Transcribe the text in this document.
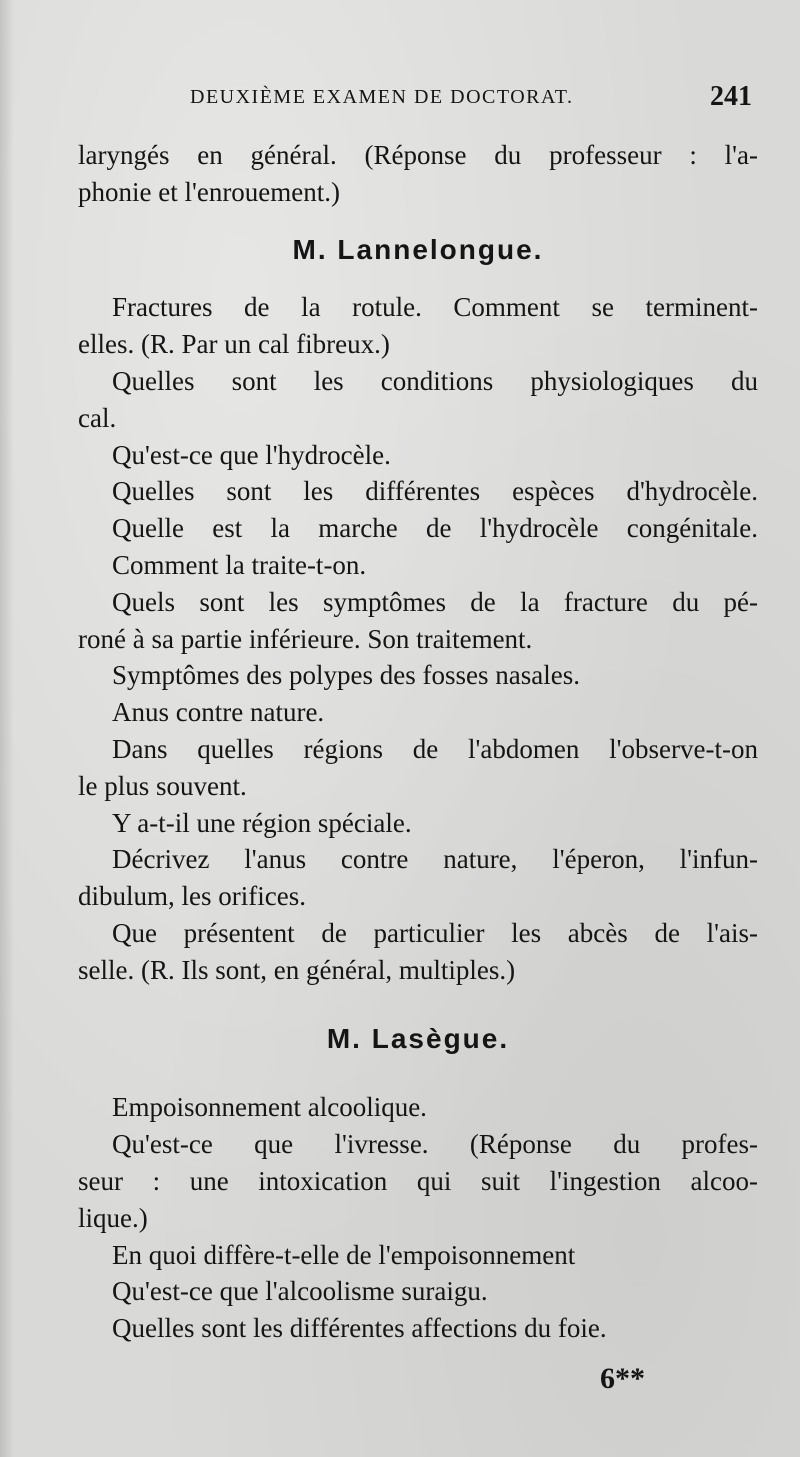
DEUXIÈME EXAMEN DE DOCTORAT.	241
laryngés en général. (Réponse du professeur : l'a-
phonie et l'enrouement.)
M. Lannelongue.
Fractures de la rotule. Comment se terminent-
elles. (R. Par un cal fibreux.)
Quelles sont les conditions physiologiques du
cal.
Qu'est-ce que l'hydrocèle.
Quelles sont les différentes espèces d'hydrocèle.
Quelle est la marche de l'hydrocèle congénitale.
Comment la traite-t-on.
Quels sont les symptômes de la fracture du pé-
roné à sa partie inférieure. Son traitement.
Symptômes des polypes des fosses nasales.
Anus contre nature.
Dans quelles régions de l'abdomen l'observe-t-on
le plus souvent.
Y a-t-il une région spéciale.
Décrivez l'anus contre nature, l'éperon, l'infun-
dibulum, les orifices.
Que présentent de particulier les abcès de l'ais-
selle. (R. Ils sont, en général, multiples.)
M. Lasègue.
Empoisonnement alcoolique.
Qu'est-ce que l'ivresse. (Réponse du profes-
seur : une intoxication qui suit l'ingestion alcoo-
lique.)
En quoi diffère-t-elle de l'empoisonnement
Qu'est-ce que l'alcoolisme suraigu.
Quelles sont les différentes affections du foie.
6**
